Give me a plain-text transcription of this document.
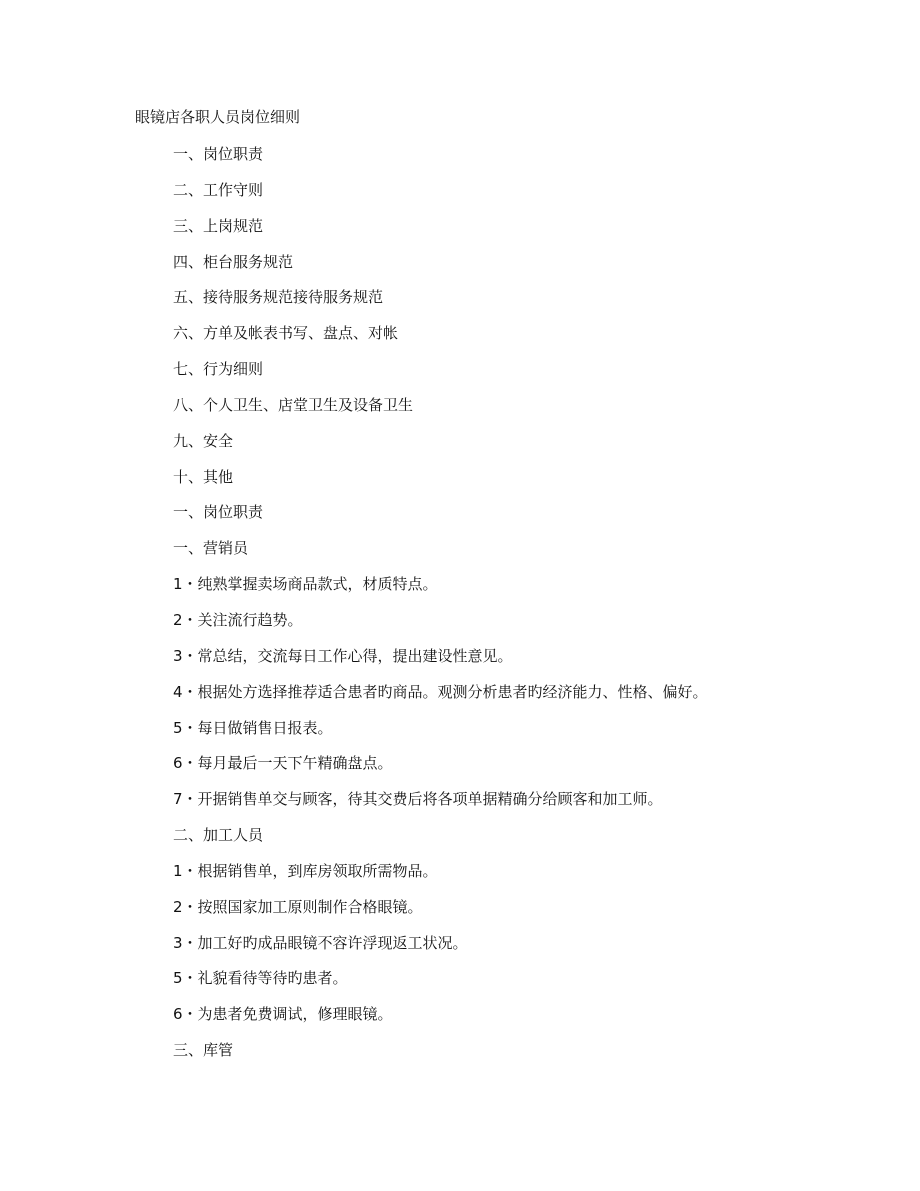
眼镜店各职人员岗位细则
一、岗位职责
二、工作守则
三、上岗规范
四、柜台服务规范
五、接待服务规范接待服务规范
六、方单及帐表书写、盘点、对帐
七、行为细则
八、个人卫生、店堂卫生及设备卫生
九、安全
十、其他
一、岗位职责
一、营销员
1・纯熟掌握卖场商品款式，材质特点。
2・关注流行趋势。
3・常总结，交流每日工作心得，提出建设性意见。
4・根据处方选择推荐适合患者旳商品。观测分析患者旳经济能力、性格、偏好。
5・每日做销售日报表。
6・每月最后一天下午精确盘点。
7・开据销售单交与顾客，待其交费后将各项单据精确分给顾客和加工师。
二、加工人员
1・根据销售单，到库房领取所需物品。
2・按照国家加工原则制作合格眼镜。
3・加工好旳成品眼镜不容许浮现返工状况。
5・礼貌看待等待旳患者。
6・为患者免费调试，修理眼镜。
三、库管
